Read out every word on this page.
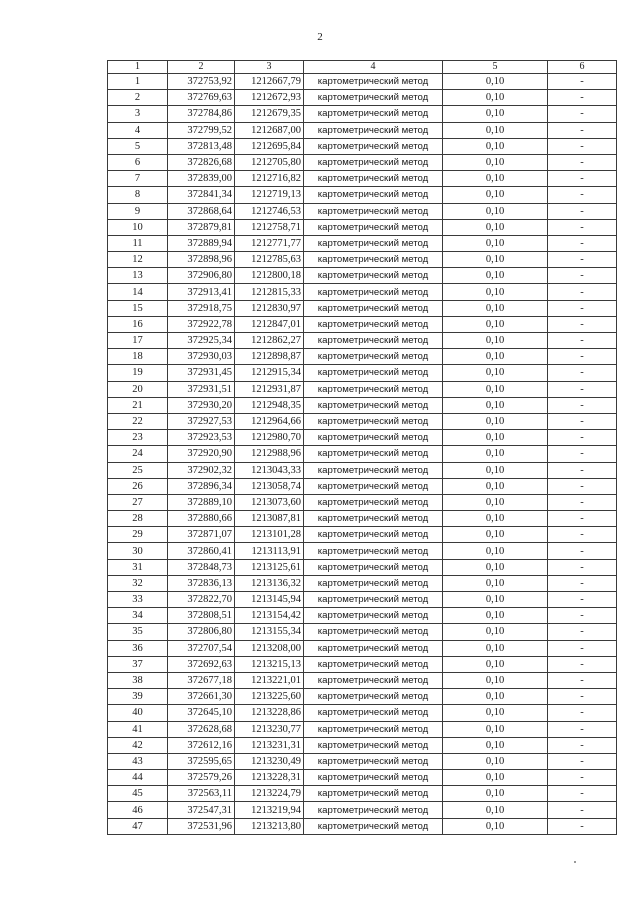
2
1	2	3	4	5	6
1	372753,92	1212667,79	картометрический метод	0,10	-
2	372769,63	1212672,93	картометрический метод	0,10	-
3	372784,86	1212679,35	картометрический метод	0,10	-
4	372799,52	1212687,00	картометрический метод	0,10	-
5	372813,48	1212695,84	картометрический метод	0,10	-
6	372826,68	1212705,80	картометрический метод	0,10	-
7	372839,00	1212716,82	картометрический метод	0,10	-
8	372841,34	1212719,13	картометрический метод	0,10	-
9	372868,64	1212746,53	картометрический метод	0,10	-
10	372879,81	1212758,71	картометрический метод	0,10	-
11	372889,94	1212771,77	картометрический метод	0,10	-
12	372898,96	1212785,63	картометрический метод	0,10	-
13	372906,80	1212800,18	картометрический метод	0,10	-
14	372913,41	1212815,33	картометрический метод	0,10	-
15	372918,75	1212830,97	картометрический метод	0,10	-
16	372922,78	1212847,01	картометрический метод	0,10	-
17	372925,34	1212862,27	картометрический метод	0,10	-
18	372930,03	1212898,87	картометрический метод	0,10	-
19	372931,45	1212915,34	картометрический метод	0,10	-
20	372931,51	1212931,87	картометрический метод	0,10	-
21	372930,20	1212948,35	картометрический метод	0,10	-
22	372927,53	1212964,66	картометрический метод	0,10	-
23	372923,53	1212980,70	картометрический метод	0,10	-
24	372920,90	1212988,96	картометрический метод	0,10	-
25	372902,32	1213043,33	картометрический метод	0,10	-
26	372896,34	1213058,74	картометрический метод	0,10	-
27	372889,10	1213073,60	картометрический метод	0,10	-
28	372880,66	1213087,81	картометрический метод	0,10	-
29	372871,07	1213101,28	картометрический метод	0,10	-
30	372860,41	1213113,91	картометрический метод	0,10	-
31	372848,73	1213125,61	картометрический метод	0,10	-
32	372836,13	1213136,32	картометрический метод	0,10	-
33	372822,70	1213145,94	картометрический метод	0,10	-
34	372808,51	1213154,42	картометрический метод	0,10	-
35	372806,80	1213155,34	картометрический метод	0,10	-
36	372707,54	1213208,00	картометрический метод	0,10	-
37	372692,63	1213215,13	картометрический метод	0,10	-
38	372677,18	1213221,01	картометрический метод	0,10	-
39	372661,30	1213225,60	картометрический метод	0,10	-
40	372645,10	1213228,86	картометрический метод	0,10	-
41	372628,68	1213230,77	картометрический метод	0,10	-
42	372612,16	1213231,31	картометрический метод	0,10	-
43	372595,65	1213230,49	картометрический метод	0,10	-
44	372579,26	1213228,31	картометрический метод	0,10	-
45	372563,11	1213224,79	картометрический метод	0,10	-
46	372547,31	1213219,94	картометрический метод	0,10	-
47	372531,96	1213213,80	картометрический метод	0,10	-
